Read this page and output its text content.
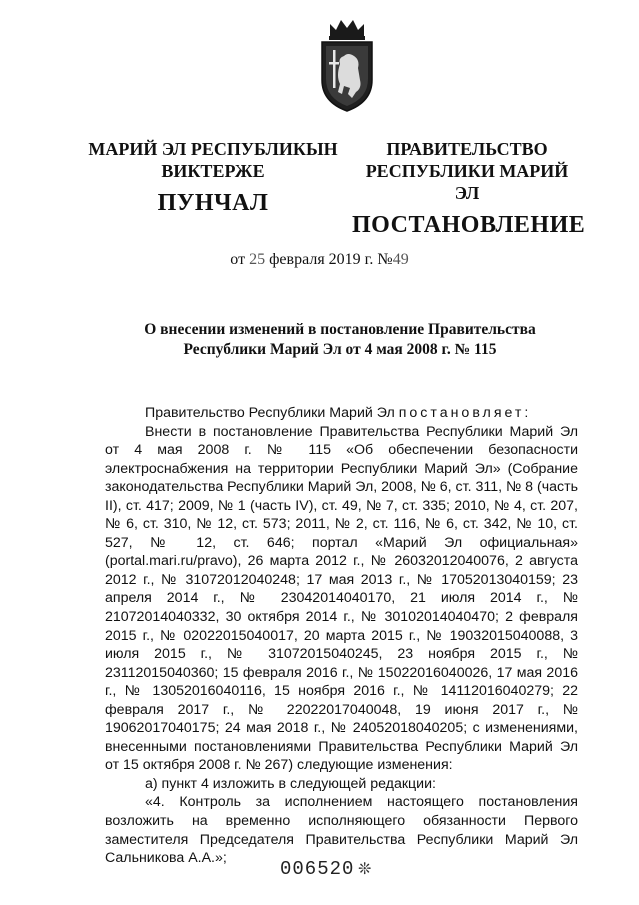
МАРИЙ ЭЛ РЕСПУБЛИКЫН
ВИКТЕРЖЕ
ПУНЧАЛ
ПРАВИТЕЛЬСТВО
РЕСПУБЛИКИ МАРИЙ ЭЛ
ПОСТАНОВЛЕНИЕ
от 25 февраля 2019 г. №49
О внесении изменений в постановление Правительства
Республики Марий Эл от 4 мая 2008 г. № 115

Правительство Республики Марий Эл постановляет:

Внести в постановление Правительства Республики Марий Эл от 4 мая 2008 г. № 115 «Об обеспечении безопасности электроснабжения на территории Республики Марий Эл» (Собрание законодательства Республики Марий Эл, 2008, № 6, ст. 311, № 8 (часть II), ст. 417; 2009, № 1 (часть IV), ст. 49, № 7, ст. 335; 2010, № 4, ст. 207, № 6, ст. 310, № 12, ст. 573; 2011, № 2, ст. 116, № 6, ст. 342, № 10, ст. 527, № 12, ст. 646; портал «Марий Эл официальная» (portal.mari.ru/pravo), 26 марта 2012 г., № 26032012040076, 2 августа 2012 г., № 31072012040248; 17 мая 2013 г., № 17052013040159; 23 апреля 2014 г., № 23042014040170, 21 июля 2014 г., № 21072014040332, 30 октября 2014 г., № 30102014040470; 2 февраля 2015 г., № 02022015040017, 20 марта 2015 г., № 19032015040088, 3 июля 2015 г., № 31072015040245, 23 ноября 2015 г., № 23112015040360; 15 февраля 2016 г., № 15022016040026, 17 мая 2016 г., № 13052016040116, 15 ноября 2016 г., № 14112016040279; 22 февраля 2017 г., № 22022017040048, 19 июня 2017 г., № 19062017040175; 24 мая 2018 г., № 24052018040205; с изменениями, внесенными постановлениями Правительства Республики Марий Эл от 15 октября 2008 г. № 267) следующие изменения:

а) пункт 4 изложить в следующей редакции:

«4. Контроль за исполнением настоящего постановления возложить на временно исполняющего обязанности Первого заместителя Председателя Правительства Республики Марий Эл Сальникова А.А.»;	006520 ❊
